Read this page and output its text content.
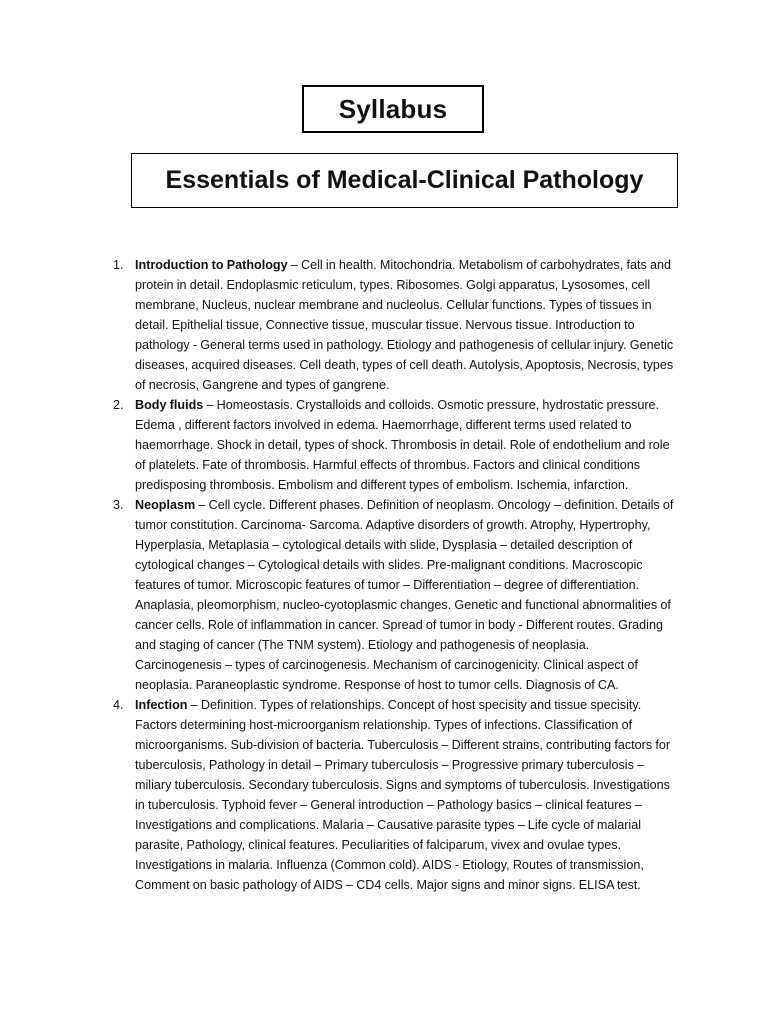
Syllabus
Essentials of Medical-Clinical Pathology
1. Introduction to Pathology – Cell in health. Mitochondria. Metabolism of carbohydrates, fats and protein in detail. Endoplasmic reticulum, types. Ribosomes. Golgi apparatus, Lysosomes, cell membrane, Nucleus, nuclear membrane and nucleolus. Cellular functions. Types of tissues in detail. Epithelial tissue, Connective tissue, muscular tissue. Nervous tissue. Introduction to pathology - General terms used in pathology. Etiology and pathogenesis of cellular injury. Genetic diseases, acquired diseases. Cell death, types of cell death. Autolysis, Apoptosis, Necrosis, types of necrosis, Gangrene and types of gangrene.
2. Body fluids – Homeostasis. Crystalloids and colloids. Osmotic pressure, hydrostatic pressure. Edema , different factors involved in edema. Haemorrhage, different terms used related to haemorrhage. Shock in detail, types of shock. Thrombosis in detail. Role of endothelium and role of platelets. Fate of thrombosis. Harmful effects of thrombus. Factors and clinical conditions predisposing thrombosis. Embolism and different types of embolism. Ischemia, infarction.
3. Neoplasm – Cell cycle. Different phases. Definition of neoplasm. Oncology – definition. Details of tumor constitution. Carcinoma- Sarcoma. Adaptive disorders of growth. Atrophy, Hypertrophy, Hyperplasia, Metaplasia – cytological details with slide, Dysplasia – detailed description of cytological changes – Cytological details with slides. Pre-malignant conditions. Macroscopic features of tumor. Microscopic features of tumor – Differentiation – degree of differentiation. Anaplasia, pleomorphism, nucleo-cyotoplasmic changes. Genetic and functional abnormalities of cancer cells. Role of inflammation in cancer. Spread of tumor in body - Different routes. Grading and staging of cancer (The TNM system). Etiology and pathogenesis of neoplasia. Carcinogenesis – types of carcinogenesis. Mechanism of carcinogenicity. Clinical aspect of neoplasia. Paraneoplastic syndrome. Response of host to tumor cells. Diagnosis of CA.
4. Infection – Definition. Types of relationships. Concept of host specisity and tissue specisity. Factors determining host-microorganism relationship. Types of infections. Classification of microorganisms. Sub-division of bacteria. Tuberculosis – Different strains, contributing factors for tuberculosis, Pathology in detail – Primary tuberculosis – Progressive primary tuberculosis – miliary tuberculosis. Secondary tuberculosis. Signs and symptoms of tuberculosis. Investigations in tuberculosis. Typhoid fever – General introduction – Pathology basics – clinical features – Investigations and complications. Malaria – Causative parasite types – Life cycle of malarial parasite, Pathology, clinical features. Peculiarities of falciparum, vivex and ovulae types. Investigations in malaria. Influenza (Common cold). AIDS - Etiology, Routes of transmission, Comment on basic pathology of AIDS – CD4 cells. Major signs and minor signs. ELISA test.
